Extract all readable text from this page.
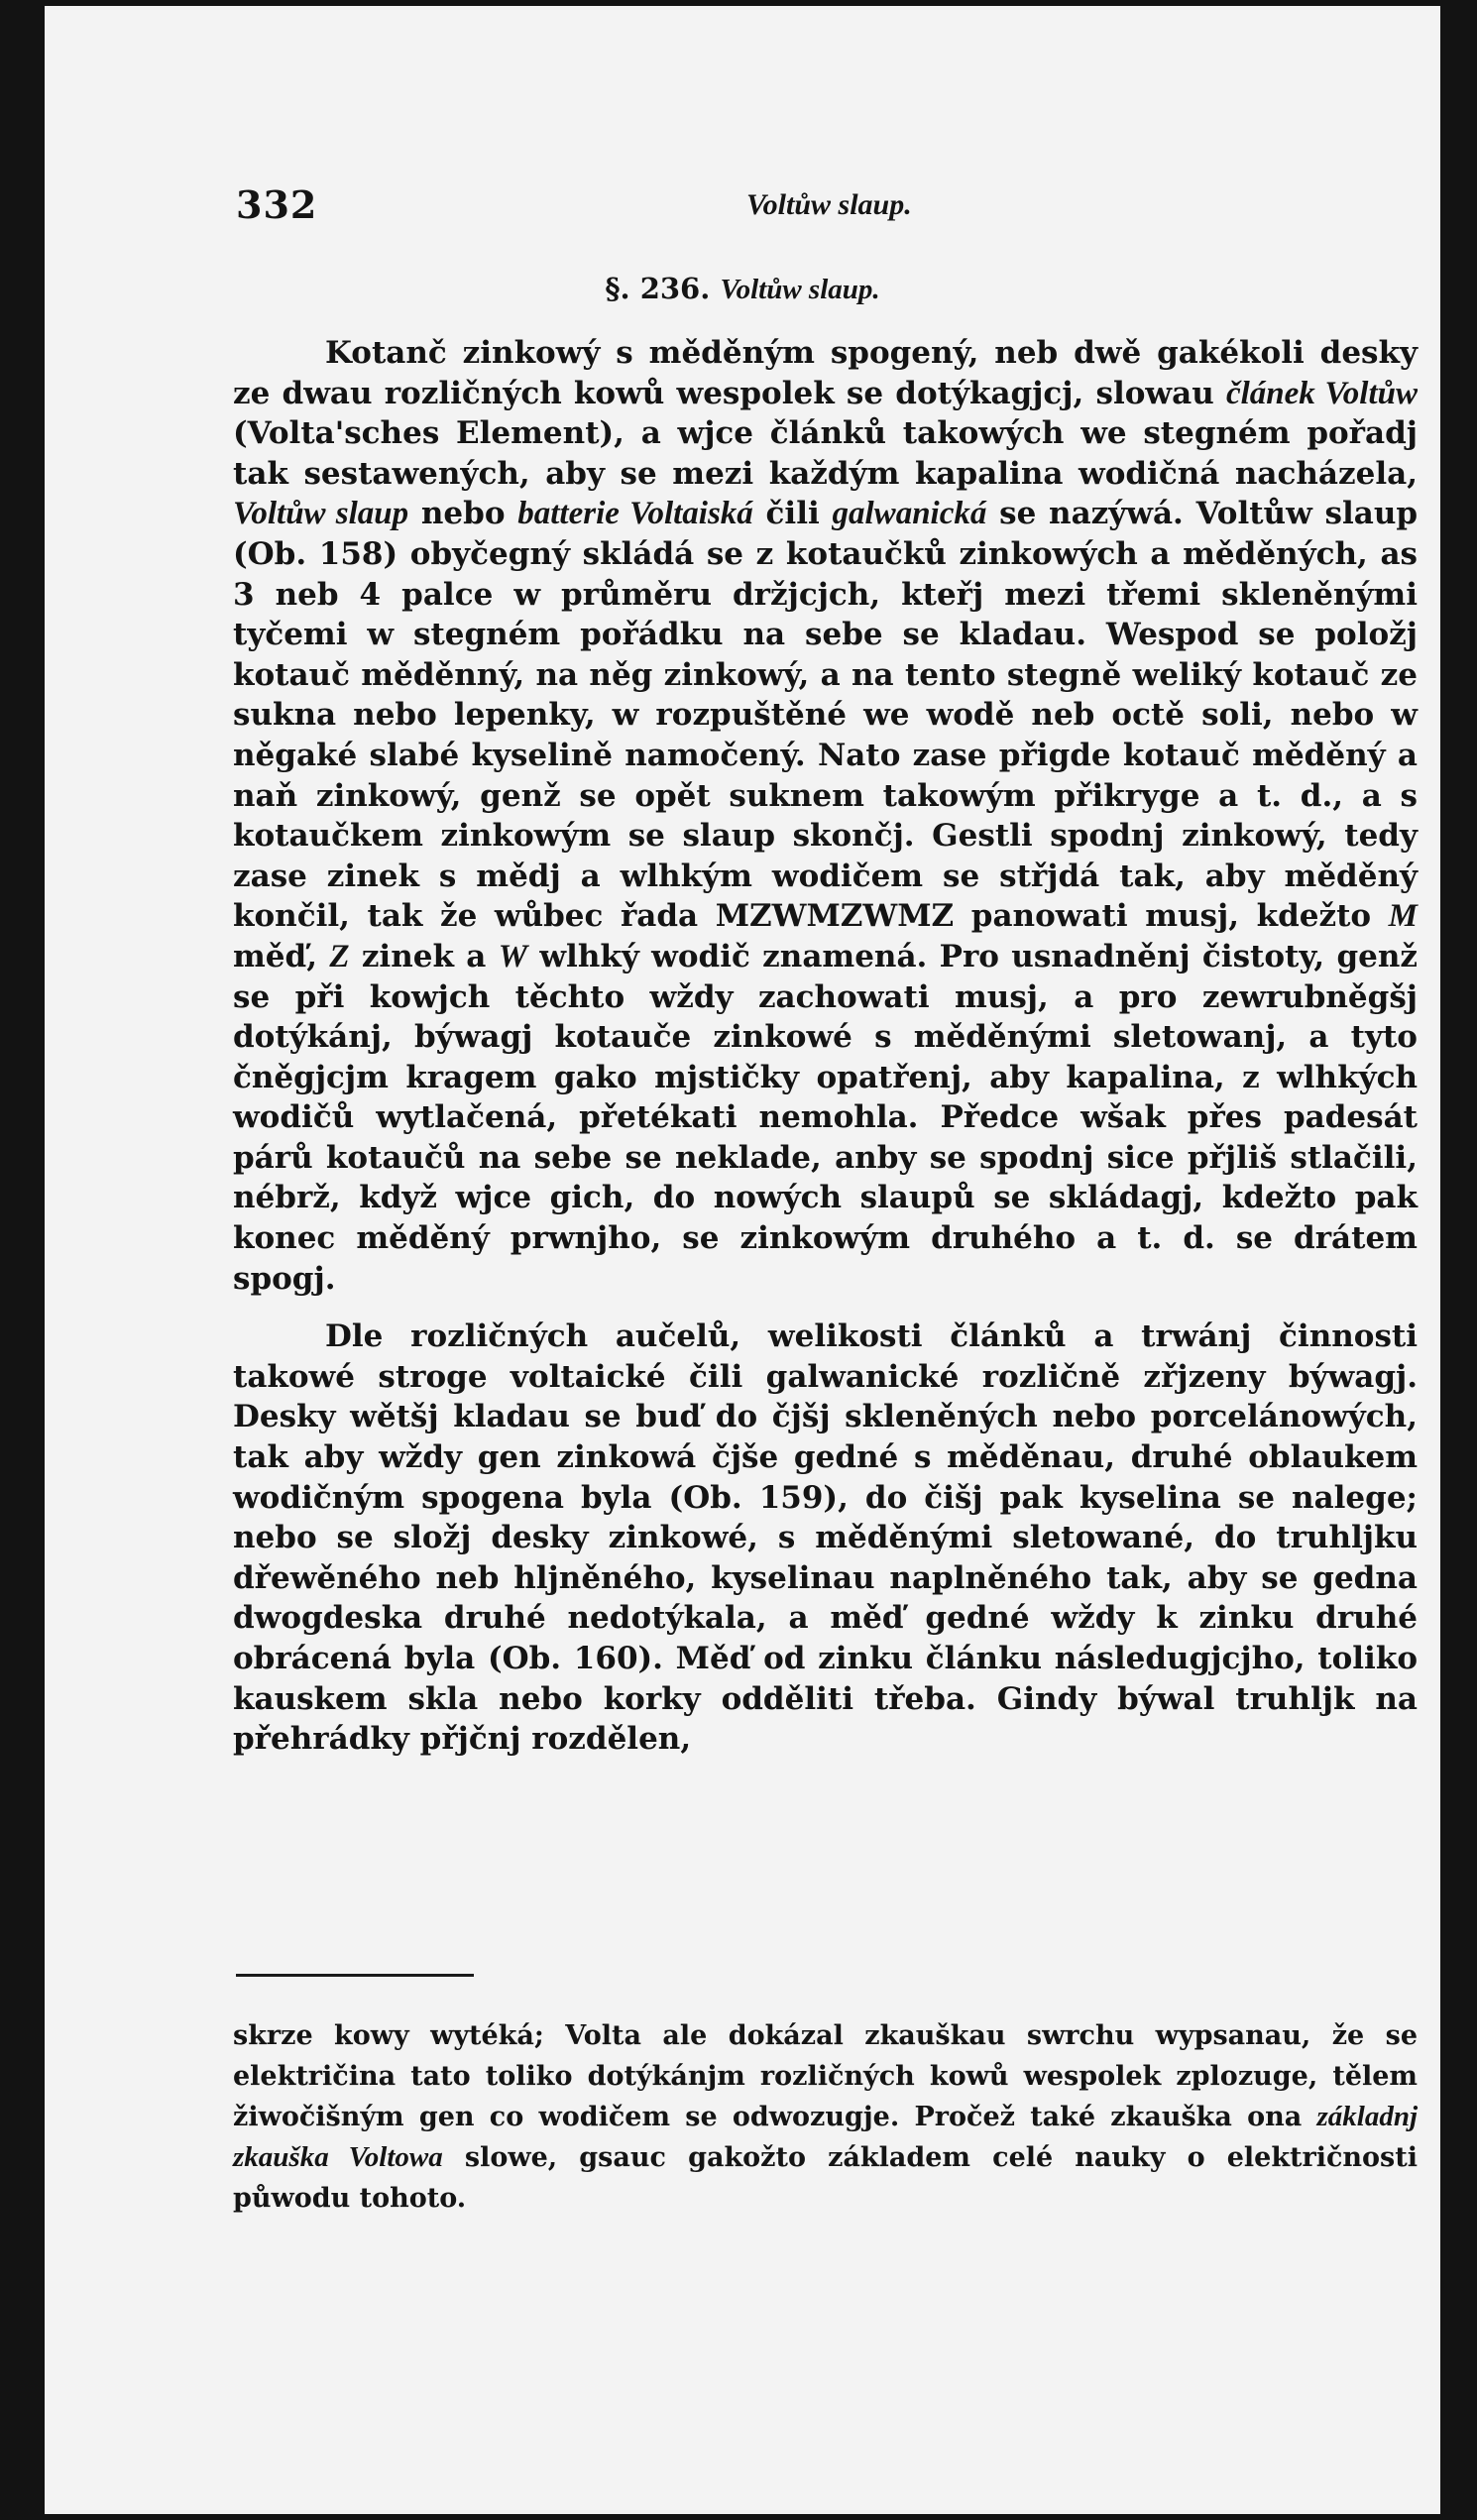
332	Voltůw slaup.
§. 236. Voltůw slaup.

Kotanč zinkowý s měděným spogený, neb dwě gakékoli desky ze dwau rozličných kowů wespolek se dotýkagjcj, slowau článek Voltůw (Volta'sches Element), a wjce článků takowých we stegném pořadj tak sestawených, aby se mezi každým kapalina wodičná nacházela, Voltůw slaup nebo batterie Voltaiská čili galwanická se nazýwá. Voltůw slaup (Ob. 158) obyčegný skládá se z kotaučků zinkowých a měděných, as 3 neb 4 palce w průměru držjcjch, kteřj mezi třemi skleněnými tyčemi w stegném pořádku na sebe se kladau. Wespod se položj kotauč měděnný, na něg zinkowý, a na tento stegně weliký kotauč ze sukna nebo lepenky, w rozpuštěné we wodě neb octě soli, nebo w něgaké slabé kyselině namočený. Nato zase přigde kotauč měděný a naň zinkowý, genž se opět suknem takowým přikryge a t. d., a s kotaučkem zinkowým se slaup skončj. Gestli spodnj zinkowý, tedy zase zinek s mědj a wlhkým wodičem se střjdá tak, aby měděný končil, tak že wůbec řada MZWMZWMZ panowati musj, kdežto M měď, Z zinek a W wlhký wodič znamená. Pro usnadněnj čistoty, genž se při kowjch těchto wždy zachowati musj, a pro zewrubněgšj dotýkánj, býwagj kotauče zinkowé s měděnými sletowanj, a tyto čněgjcjm kragem gako mjstičky opatřenj, aby kapalina, z wlhkých wodičů wytlačená, přetékati nemohla. Předce wšak přes padesát párů kotaučů na sebe se neklade, anby se spodnj sice přjliš stlačili, nébrž, když wjce gich, do nowých slaupů se skládagj, kdežto pak konec měděný prwnjho, se zinkowým druhého a t. d. se drátem spogj.

Dle rozličných aučelů, welikosti článků a trwánj činnosti takowé stroge voltaické čili galwanické rozličně zřjzeny býwagj. Desky wětšj kladau se buď do čjšj skleněných nebo porcelánowých, tak aby wždy gen zinkowá čjše gedné s měděnau, druhé oblaukem wodičným spogena byla (Ob. 159), do čišj pak kyselina se nalege; nebo se složj desky zinkowé, s měděnými sletowané, do truhljku dřewěného neb hljněného, kyselinau naplněného tak, aby se gedna dwogdeska druhé nedotýkala, a měď gedné wždy k zinku druhé obrácená byla (Ob. 160). Měď od zinku článku následugjcjho, toliko kauskem skla nebo korky odděliti třeba. Gindy býwal truhljk na přehrádky přjčnj rozdělen,

skrze kowy wytéká; Volta ale dokázal zkauškau swrchu wypsanau, že se električina tato toliko dotýkánjm rozličných kowů wespolek zplozuge, tělem žiwočišným gen co wodičem se odwozugje. Pročež také zkauška ona základnj zkauška Voltowa slowe, gsauc gakožto základem celé nauky o električnosti půwodu tohoto.
